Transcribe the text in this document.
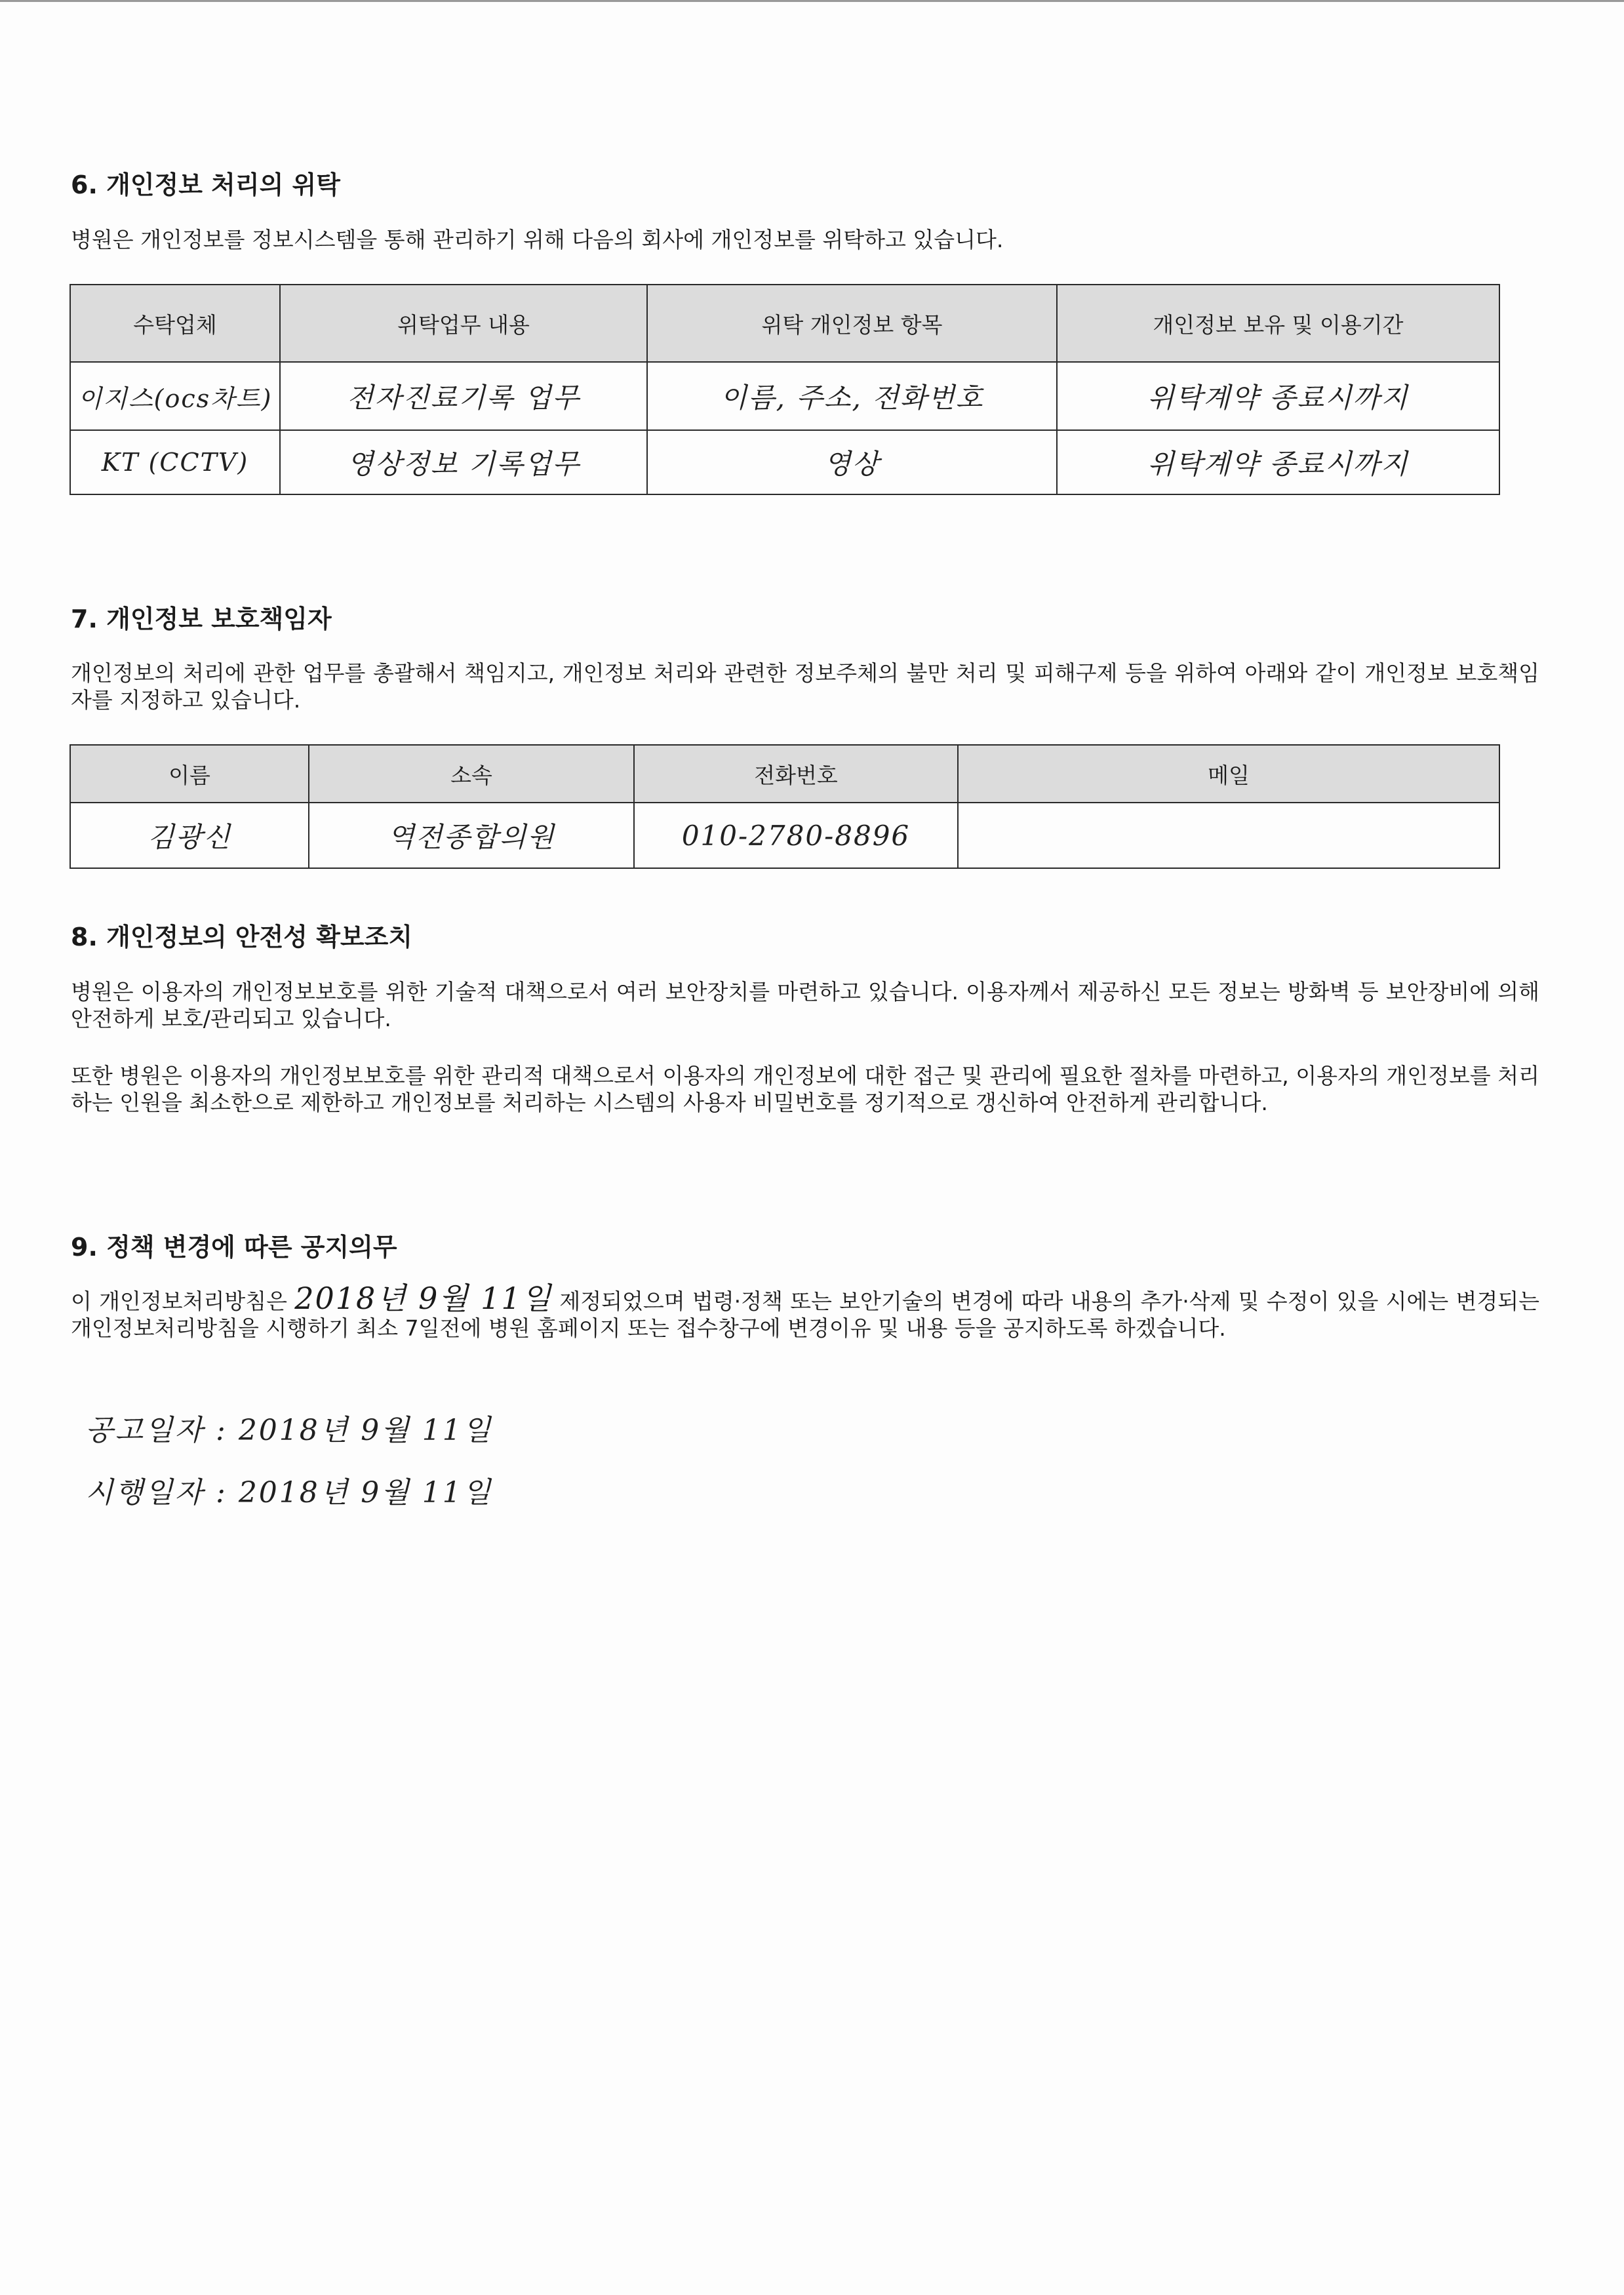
6. 개인정보 처리의 위탁
병원은 개인정보를 정보시스템을 통해 관리하기 위해 다음의 회사에 개인정보를 위탁하고 있습니다.
수탁업체	위탁업무 내용	위탁 개인정보 항목	개인정보 보유 및 이용기간
이지스(ocs차트)	전자진료기록 업무	이름, 주소, 전화번호	위탁계약 종료시까지
KT (CCTV)	영상정보 기록업무	영상	위탁계약 종료시까지
7. 개인정보 보호책임자
개인정보의 처리에 관한 업무를 총괄해서 책임지고, 개인정보 처리와 관련한 정보주체의 불만 처리 및 피해구제 등을 위하여 아래와 같이 개인정보 보호책임자를 지정하고 있습니다.
이름	소속	전화번호	메일
김광신	역전종합의원	010-2780-8896	
8. 개인정보의 안전성 확보조치
병원은 이용자의 개인정보보호를 위한 기술적 대책으로서 여러 보안장치를 마련하고 있습니다. 이용자께서 제공하신 모든 정보는 방화벽 등 보안장비에 의해 안전하게 보호/관리되고 있습니다.
또한 병원은 이용자의 개인정보보호를 위한 관리적 대책으로서 이용자의 개인정보에 대한 접근 및 관리에 필요한 절차를 마련하고, 이용자의 개인정보를 처리하는 인원을 최소한으로 제한하고 개인정보를 처리하는 시스템의 사용자 비밀번호를 정기적으로 갱신하여 안전하게 관리합니다.
9. 정책 변경에 따른 공지의무
이 개인정보처리방침은 2018년 9월 11일 제정되었으며 법령·정책 또는 보안기술의 변경에 따라 내용의 추가·삭제 및 수정이 있을 시에는 변경되는 개인정보처리방침을 시행하기 최소 7일전에 병원 홈페이지 또는 접수창구에 변경이유 및 내용 등을 공지하도록 하겠습니다.
공고일자 : 2018년 9월 11일
시행일자 : 2018년 9월 11일
